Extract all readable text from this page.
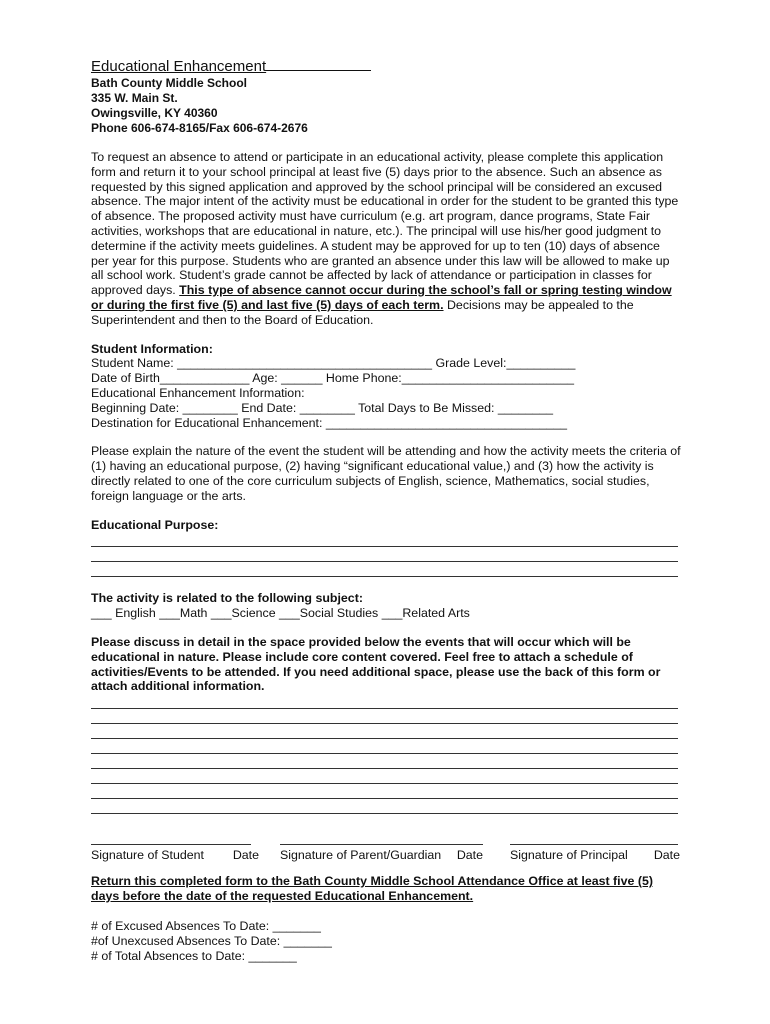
Educational Enhancement
Bath County Middle School
335 W. Main St.
Owingsville, KY 40360
Phone 606-674-8165/Fax 606-674-2676

To request an absence to attend or participate in an educational activity, please complete this application form and return it to your school principal at least five (5) days prior to the absence. Such an absence as requested by this signed application and approved by the school principal will be considered an excused absence. The major intent of the activity must be educational in order for the student to be granted this type of absence. The proposed activity must have curriculum (e.g. art program, dance programs, State Fair activities, workshops that are educational in nature, etc.). The principal will use his/her good judgment to determine if the activity meets guidelines. A student may be approved for up to ten (10) days of absence per year for this purpose. Students who are granted an absence under this law will be allowed to make up all school work. Student’s grade cannot be affected by lack of attendance or participation in classes for approved days. This type of absence cannot occur during the school’s fall or spring testing window or during the first five (5) and last five (5) days of each term. Decisions may be appealed to the Superintendent and then to the Board of Education.

Student Information:
Student Name: _____________________________________ Grade Level:__________
Date of Birth_____________ Age: ______ Home Phone:_________________________
Educational Enhancement Information:
Beginning Date: ________ End Date: ________ Total Days to Be Missed: ________
Destination for Educational Enhancement: ___________________________________

Please explain the nature of the event the student will be attending and how the activity meets the criteria of (1) having an educational purpose, (2) having “significant educational value,) and (3) how the activity is directly related to one of the core curriculum subjects of English, science, Mathematics, social studies, foreign language or the arts.

Educational Purpose:
The activity is related to the following subject:
___ English ___Math ___Science ___Social Studies ___Related Arts

Please discuss in detail in the space provided below the events that will occur which will be educational in nature. Please include core content covered. Feel free to attach a schedule of activities/Events to be attended. If you need additional space, please use the back of this form or attach additional information.

Signature of Student Date Signature of Parent/Guardian Date Signature of Principal Date

Return this completed form to the Bath County Middle School Attendance Office at least five (5) days before the date of the requested Educational Enhancement.

# of Excused Absences To Date: _______
#of Unexcused Absences To Date: _______
# of Total Absences to Date: _______
